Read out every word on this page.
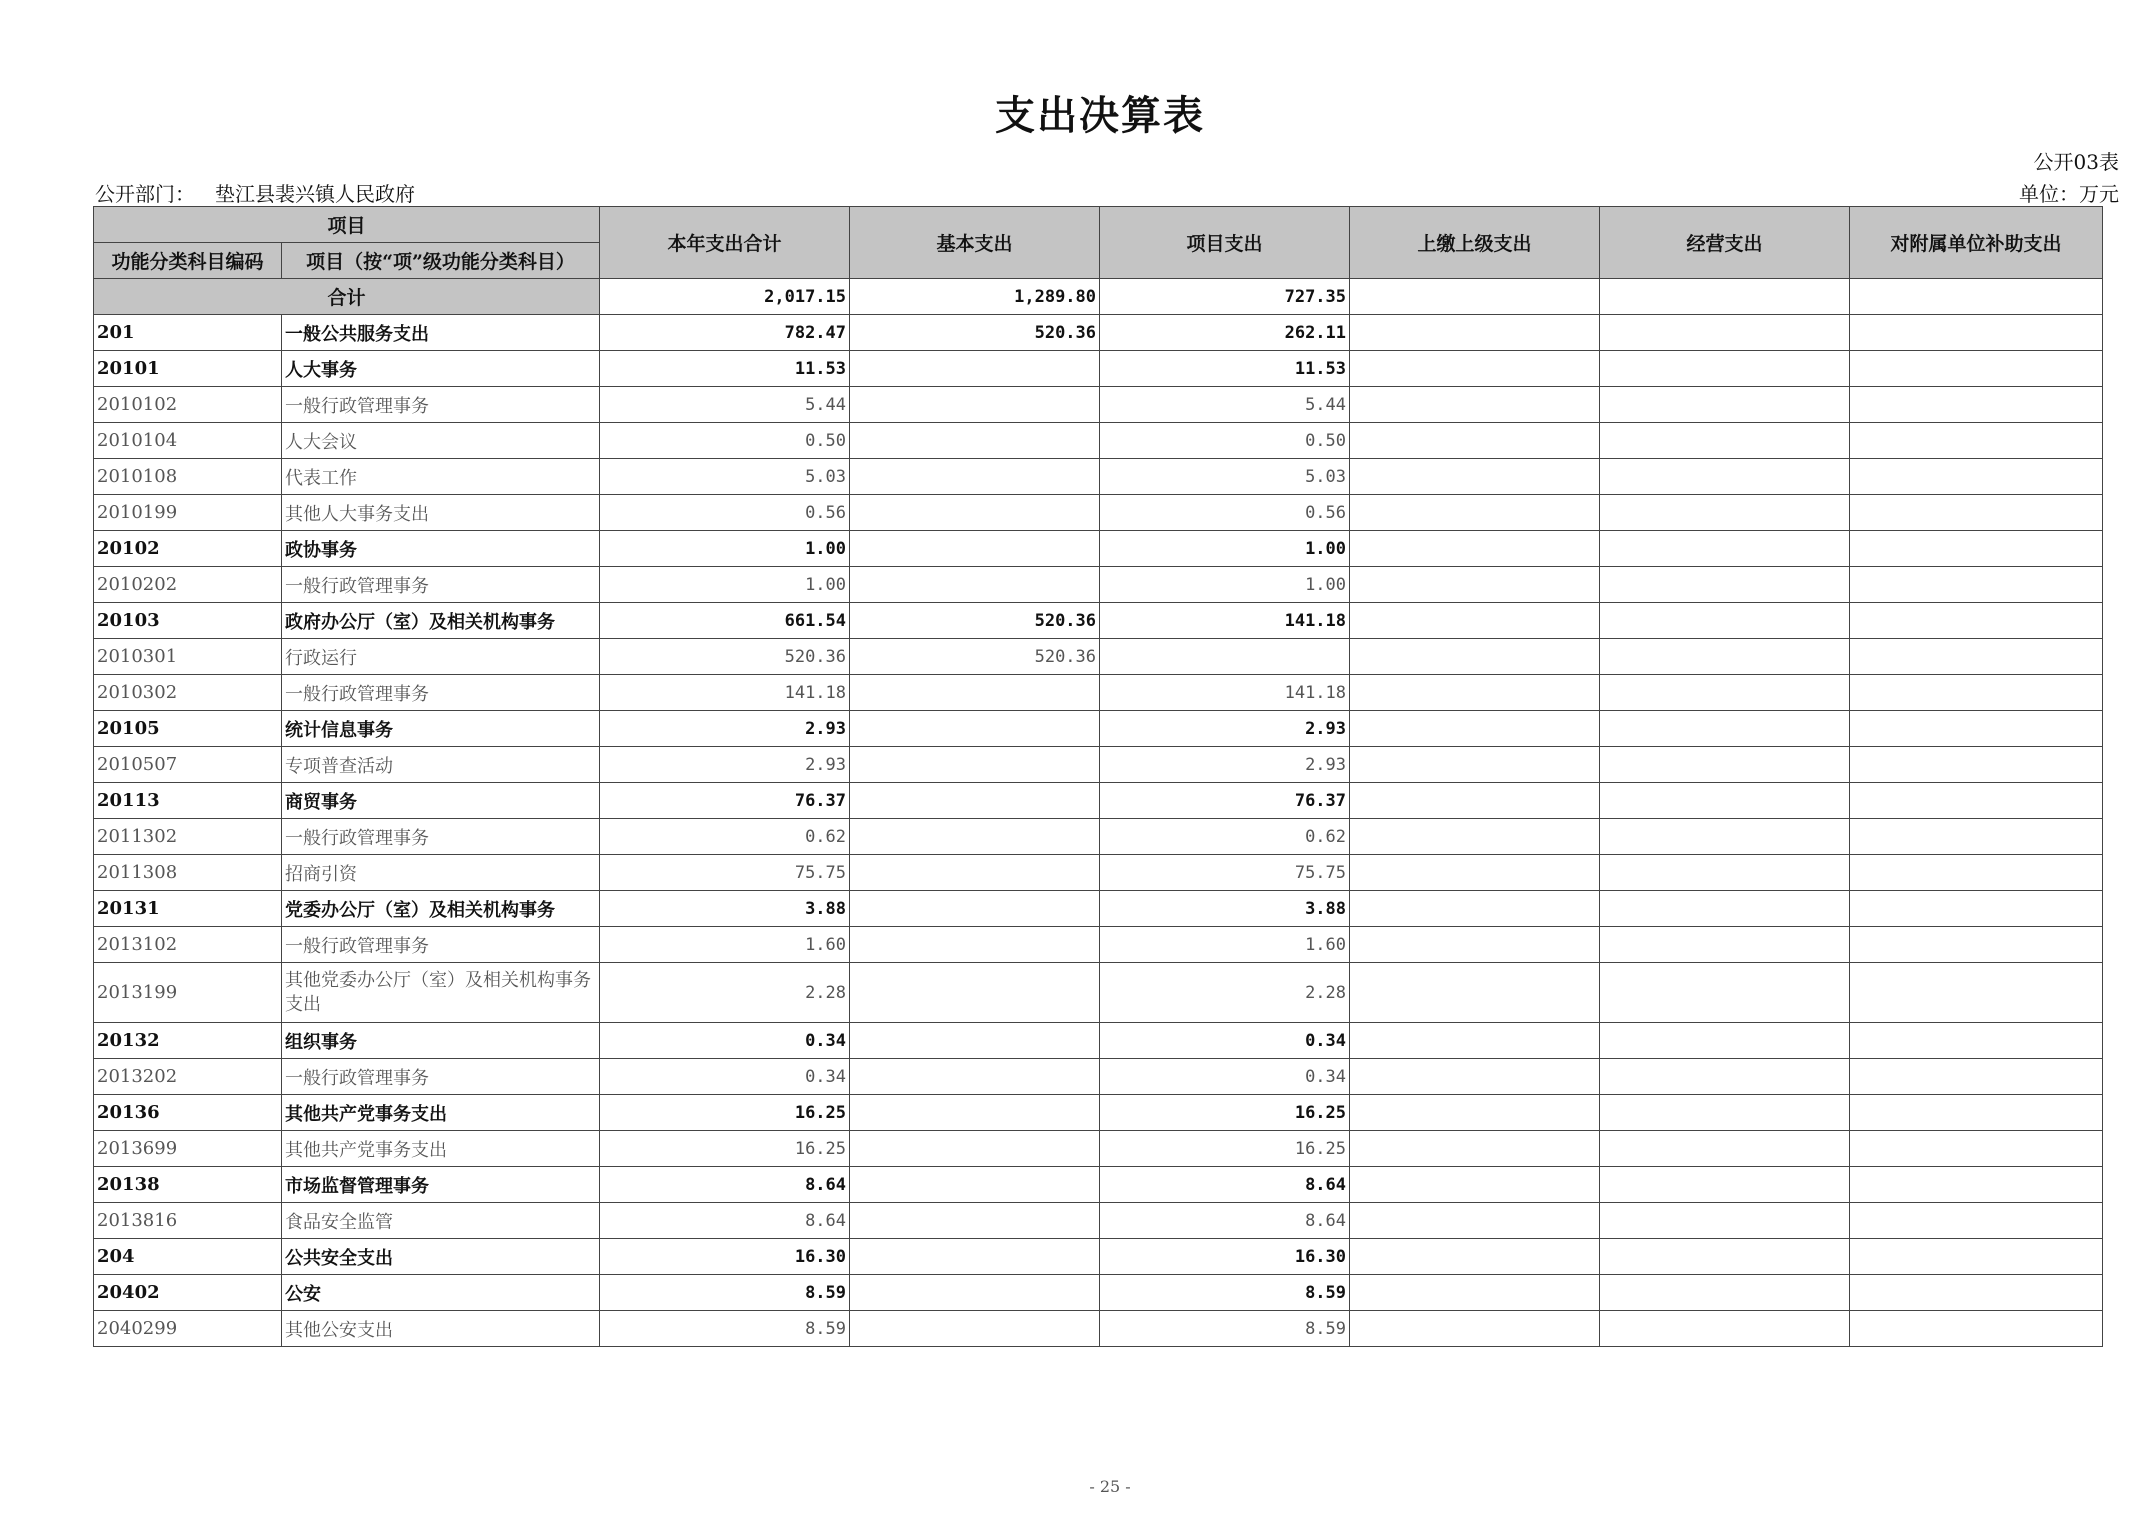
支出决算表
公开03表
公开部门： 垫江县裴兴镇人民政府	单位：万元
项目		本年支出合计	基本支出	项目支出	上缴上级支出	经营支出	对附属单位补助支出
功能分类科目编码	项目（按“项”级功能分类科目）						
合计		2,017.15	1,289.80	727.35			
201	一般公共服务支出	782.47	520.36	262.11			
20101	人大事务	11.53		11.53			
2010102	一般行政管理事务	5.44		5.44			
2010104	人大会议	0.50		0.50			
2010108	代表工作	5.03		5.03			
2010199	其他人大事务支出	0.56		0.56			
20102	政协事务	1.00		1.00			
2010202	一般行政管理事务	1.00		1.00			
20103	政府办公厅（室）及相关机构事务	661.54	520.36	141.18			
2010301	行政运行	520.36	520.36				
2010302	一般行政管理事务	141.18		141.18			
20105	统计信息事务	2.93		2.93			
2010507	专项普查活动	2.93		2.93			
20113	商贸事务	76.37		76.37			
2011302	一般行政管理事务	0.62		0.62			
2011308	招商引资	75.75		75.75			
20131	党委办公厅（室）及相关机构事务	3.88		3.88			
2013102	一般行政管理事务	1.60		1.60			
2013199	其他党委办公厅（室）及相关机构事务支出	2.28		2.28			
20132	组织事务	0.34		0.34			
2013202	一般行政管理事务	0.34		0.34			
20136	其他共产党事务支出	16.25		16.25			
2013699	其他共产党事务支出	16.25		16.25			
20138	市场监督管理事务	8.64		8.64			
2013816	食品安全监管	8.64		8.64			
204	公共安全支出	16.30		16.30			
20402	公安	8.59		8.59			
2040299	其他公安支出	8.59		8.59			
- 25 -
